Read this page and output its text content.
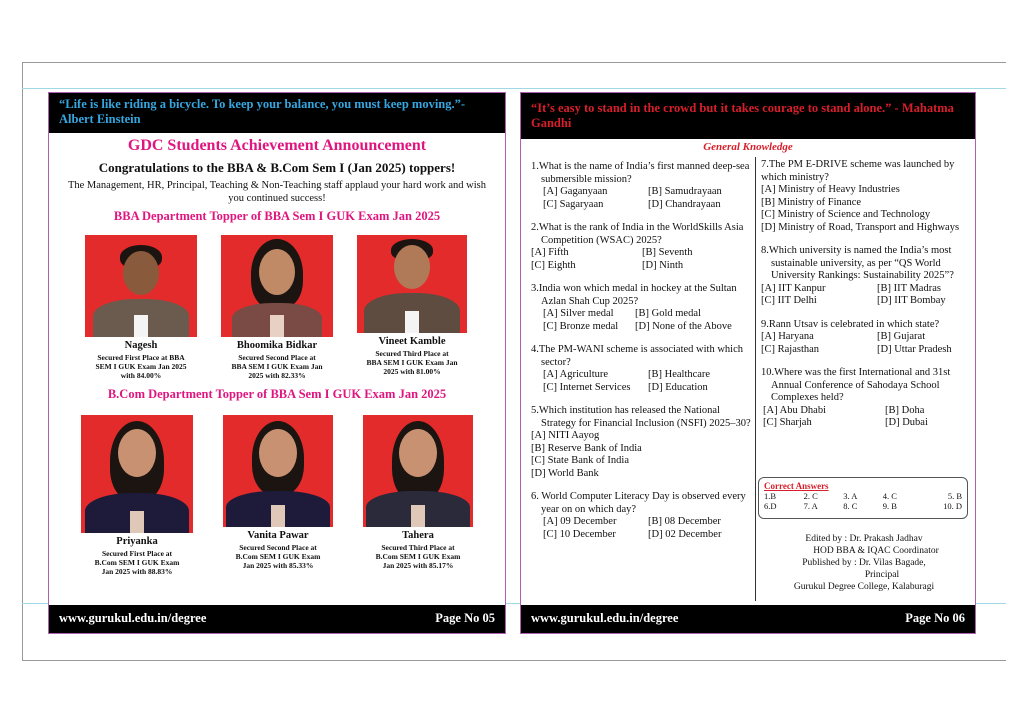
“Life is like riding a bicycle. To keep your balance, you must keep moving.”- Albert Einstein
GDC Students Achievement Announcement
Congratulations to the BBA & B.Com Sem I (Jan 2025) toppers!
The Management, HR, Principal, Teaching & Non-Teaching staff applaud your hard work and wish you continued success!
BBA Department Topper of BBA Sem I GUK Exam Jan 2025
Nagesh
Secured First Place at BBA
SEM I GUK Exam Jan 2025
with 84.00%
Bhoomika Bidkar
Secured Second Place at
BBA SEM I GUK Exam Jan
2025 with 82.33%
Vineet Kamble
Secured Third Place at
BBA SEM I GUK Exam Jan
2025 with 81.00%
B.Com Department Topper of BBA Sem I GUK Exam Jan 2025
Priyanka
Secured First Place at
B.Com SEM I GUK Exam
Jan 2025 with 88.83%
Vanita Pawar
Secured Second Place at
B.Com SEM I GUK Exam
Jan 2025 with 85.33%
Tahera
Secured Third Place at
B.Com SEM I GUK Exam
Jan 2025 with 85.17%
www.gurukul.edu.in/degree	Page No 05
“It’s easy to stand in the crowd but it takes courage to stand alone.” - Mahatma Gandhi
General Knowledge
1.What is the name of India’s first manned deep-sea submersible mission?
[A] Gaganyaan	[B] Samudrayaan
[C] Sagaryaan	[D] Chandrayaan
2.What is the rank of India in the WorldSkills Asia Competition (WSAC) 2025?
[A] Fifth	[B] Seventh
[C] Eighth	[D] Ninth
3.India won which medal in hockey at the Sultan Azlan Shah Cup 2025?
[A] Silver medal	[B] Gold medal
[C] Bronze medal	[D] None of the Above
4.The PM-WANI scheme is associated with which sector?
[A] Agriculture	[B] Healthcare
[C] Internet Services	[D] Education
5.Which institution has released the National Strategy for Financial Inclusion (NSFI) 2025–30?
[A] NITI Aayog
[B] Reserve Bank of India
[C] State Bank of India
[D] World Bank
6. World Computer Literacy Day is observed every year on on which day?
[A] 09 December	[B] 08 December
[C] 10 December	[D] 02 December
7.The PM E-DRIVE scheme was launched by which ministry?
[A] Ministry of Heavy Industries
[B] Ministry of Finance
[C] Ministry of Science and Technology
[D] Ministry of Road, Transport and Highways
8.Which university is named the India’s most sustainable university, as per “QS World University Rankings: Sustainability 2025”?
[A] IIT Kanpur	[B] IIT Madras
[C] IIT Delhi	[D] IIT Bombay
9.Rann Utsav is celebrated in which state?
[A] Haryana	[B] Gujarat
[C] Rajasthan	[D] Uttar Pradesh
10.Where was the first International and 31st Annual Conference of Sahodaya School Complexes held?
[A] Abu Dhabi	[B] Doha
[C] Sharjah	[D] Dubai
Correct Answers
1.B	2. C	3. A	4. C	5. B
6.D	7. A	8. C	9. B	10. D
Edited by : Dr. Prakash Jadhav
HOD BBA & IQAC Coordinator
Published by : Dr. Vilas Bagade,
Principal
Gurukul Degree College, Kalaburagi
www.gurukul.edu.in/degree	Page No 06
